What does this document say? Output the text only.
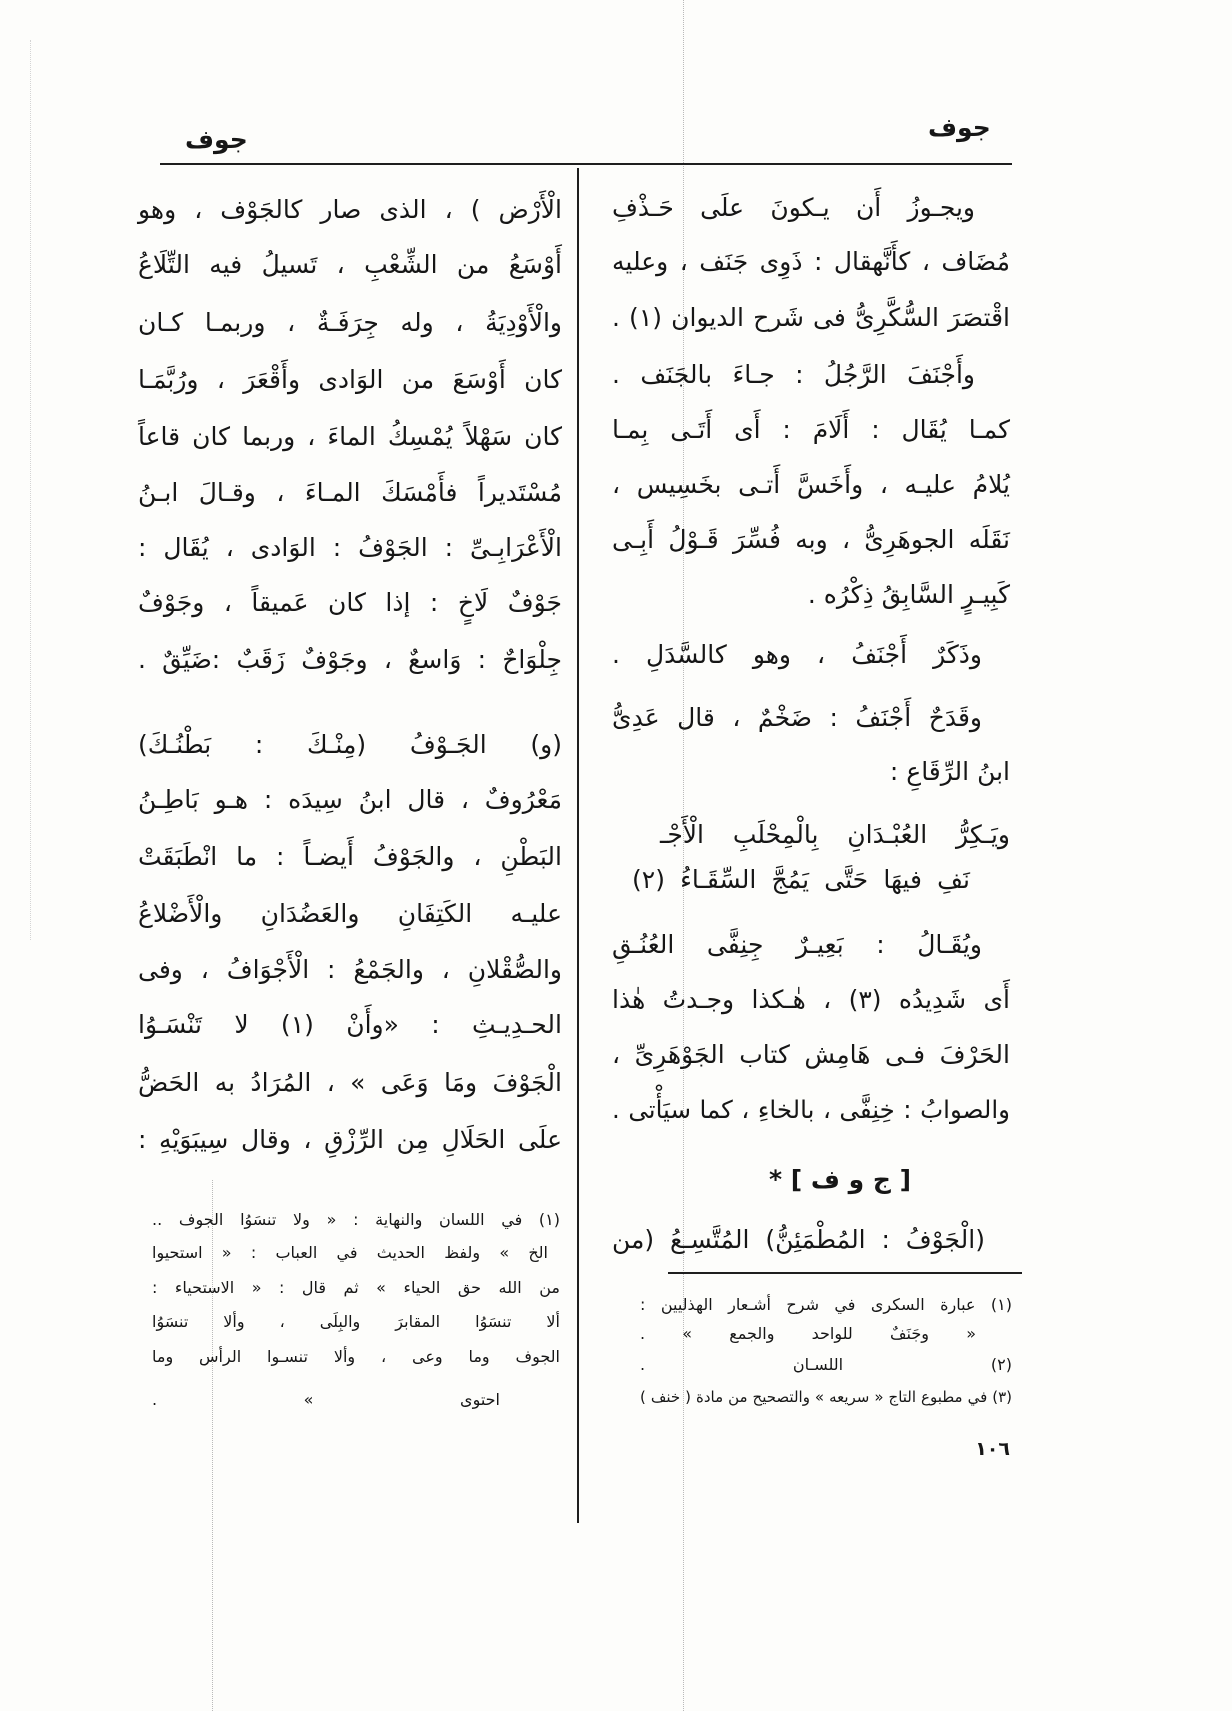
جوف	جوف
ويجـوزُ أَن يـكونَ علَى حَـذْفِ
مُضَاف ، كأَنَّهقال : ذَوِى جَنَف ، وعليه
اقْتصَرَ السُّكَّرِىُّ فى شَرح الديوان (١) .
وأَجْنَفَ الرَّجُلُ : جـاءَ بالجَنَف .
كمـا يُقَال : أَلَامَ : أَى أَتَـى بِمـا
يُلامُ عليـه ، وأَخَسَّ أَتـى بخَسِيس ،
نَقَلَه الجوهَرِىُّ ، وبه فُسِّرَ قَـوْلُ أَبِـى
كَبِيـرٍ السَّابِقُ ذِكْرُه .
وذَكَرٌ أَجْنَفُ ، وهو كالسَّدَلِ .
وقَدَحٌ أَجْنَفُ : ضَخْمٌ ، قال عَدِىُّ
ابنُ الرِّقَاعِ :
ويَـكِرُّ العُبْـدَانِ بِالْمِحْلَبِ الْأَجْـ
نَفِ فيهَا حَتَّى يَمُجَّ السِّقَـاءُ (٢)
ويُقَـالُ : بَعِيـرٌ جِنِفَّى العُنُـقِ
أَى شَدِيدُه (٣) ، هٰـكذا وجـدتُ هٰذا
الحَرْفَ فـى هَامِش كتاب الجَوْهَرِىِّ ،
والصوابُ : خِنِفَّى ، بالخاءِ ، كما سيَأْتى .
[ ج و ف ] *
(الْجَوْفُ : المُطْمَئِنُّ) المُتَّسِـعُ (من
(١) عبارة السكرى في شرح أشـعار الهذليين :
« وجَنَفٌ للواحد والجمع » .
(٢) اللسـان .
(٣) في مطبوع التاج « سريعه » والتصحيح من مادة ( خنف )
١٠٦
الْأَرْض ) ، الذى صار كالجَوْف ، وهو
أَوْسَعُ من الشِّعْبِ ، تَسيلُ فيه التِّلَاعُ
والْأَوْدِيَةُ ، وله جِرَفَـةٌ ، وربمـا كـان
كان أَوْسَعَ من الوَادى وأَقْعَرَ ، ورُبَّمَـا
كان سَهْلاً يُمْسِكُ الماءَ ، وربما كان قاعاً
مُسْتَديراً فأَمْسَكَ المـاءَ ، وقـالَ ابـنُ
الْأَعْرَابِـىِّ : الجَوْفُ : الوَادى ، يُقَال :
جَوْفٌ لَاخٍ : إذا كان عَميقاً ، وجَوْفٌ
جِلْوَاحٌ : وَاسعٌ ، وجَوْفٌ زَقَبٌ :ضَيِّقٌ .
(و) الجَـوْفُ (مِنْـكَ : بَطْنُـكَ)
مَعْرُوفٌ ، قال ابنُ سِيدَه : هـو بَاطِـنُ
البَطْنِ ، والجَوْفُ أَيضـاً : ما انْطَبَقَتْ
عليـه الكَتِفَانِ والعَضُدَانِ والْأَضْلاعُ
والصُّقْلانِ ، والجَمْعُ : الْأَجْوَافُ ، وفى
الحـدِيـثِ : «وأَنْ (١) لا تَنْسَـوُا
الْجَوْفَ ومَا وَعَى » ، المُرَادُ به الحَضُّ
علَى الحَلَالِ مِن الرِّزْقِ ، وقال سِيبَوَيْهِ :
(١) في اللسان والنهاية : « ولا تنسَوُا الجوف ..
الخ » ولفظ الحديث في العباب : « استحيوا
من الله حق الحياء » ثم قال : « الاستحياء :
ألا تنسَوُا المقابرَ والبِلَى ، وألا تنسَوُا
الجوف وما وعى ، وألا تنسـوا الرأس وما
احتوى » .
